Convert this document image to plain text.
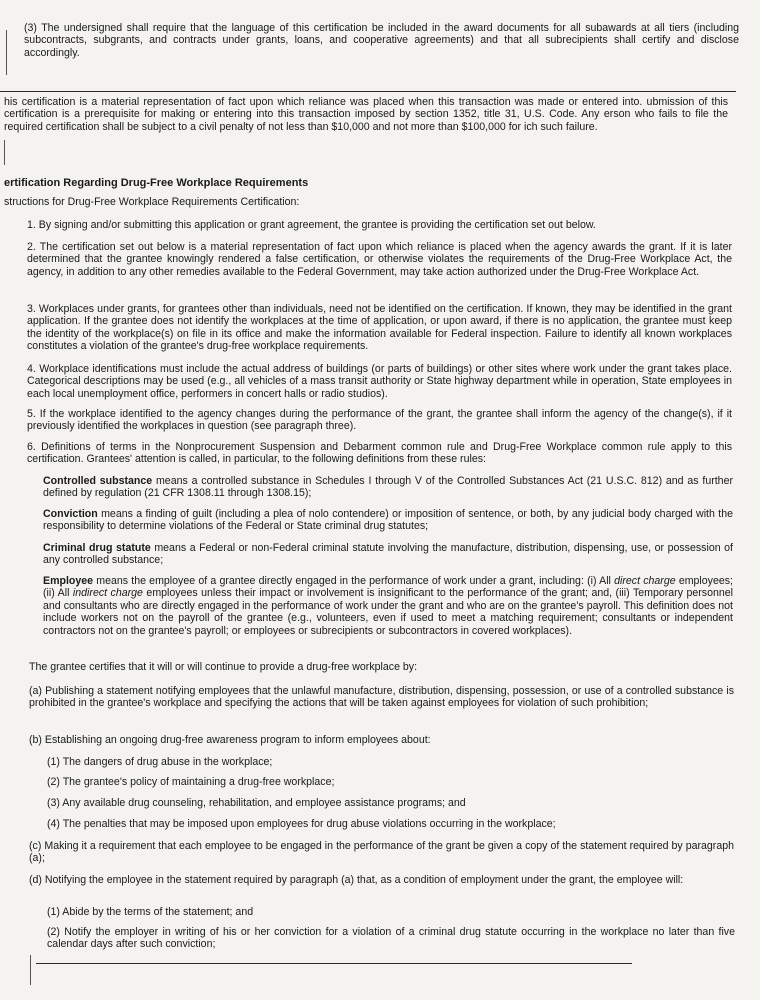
(3) The undersigned shall require that the language of this certification be included in the award documents for all subawards at all tiers (including subcontracts, subgrants, and contracts under grants, loans, and cooperative agreements) and that all subrecipients shall certify and disclose accordingly.

his certification is a material representation of fact upon which reliance was placed when this transaction was made or entered into. ubmission of this certification is a prerequisite for making or entering into this transaction imposed by section 1352, title 31, U.S. Code. Any erson who fails to file the required certification shall be subject to a civil penalty of not less than $10,000 and not more than $100,000 for ich such failure.

ertification Regarding Drug-Free Workplace Requirements
structions for Drug-Free Workplace Requirements Certification:

1. By signing and/or submitting this application or grant agreement, the grantee is providing the certification set out below.

2. The certification set out below is a material representation of fact upon which reliance is placed when the agency awards the grant. If it is later determined that the grantee knowingly rendered a false certification, or otherwise violates the requirements of the Drug-Free Workplace Act, the agency, in addition to any other remedies available to the Federal Government, may take action authorized under the Drug-Free Workplace Act.

3. Workplaces under grants, for grantees other than individuals, need not be identified on the certification. If known, they may be identified in the grant application. If the grantee does not identify the workplaces at the time of application, or upon award, if there is no application, the grantee must keep the identity of the workplace(s) on file in its office and make the information available for Federal inspection. Failure to identify all known workplaces constitutes a violation of the grantee's drug-free workplace requirements.

4. Workplace identifications must include the actual address of buildings (or parts of buildings) or other sites where work under the grant takes place. Categorical descriptions may be used (e.g., all vehicles of a mass transit authority or State highway department while in operation, State employees in each local unemployment office, performers in concert halls or radio studios).

5. If the workplace identified to the agency changes during the performance of the grant, the grantee shall inform the agency of the change(s), if it previously identified the workplaces in question (see paragraph three).

6. Definitions of terms in the Nonprocurement Suspension and Debarment common rule and Drug-Free Workplace common rule apply to this certification. Grantees' attention is called, in particular, to the following definitions from these rules:

Controlled substance means a controlled substance in Schedules I through V of the Controlled Substances Act (21 U.S.C. 812) and as further defined by regulation (21 CFR 1308.11 through 1308.15);

Conviction means a finding of guilt (including a plea of nolo contendere) or imposition of sentence, or both, by any judicial body charged with the responsibility to determine violations of the Federal or State criminal drug statutes;

Criminal drug statute means a Federal or non-Federal criminal statute involving the manufacture, distribution, dispensing, use, or possession of any controlled substance;

Employee means the employee of a grantee directly engaged in the performance of work under a grant, including: (i) All direct charge employees; (ii) All indirect charge employees unless their impact or involvement is insignificant to the performance of the grant; and, (iii) Temporary personnel and consultants who are directly engaged in the performance of work under the grant and who are on the grantee's payroll. This definition does not include workers not on the payroll of the grantee (e.g., volunteers, even if used to meet a matching requirement; consultants or independent contractors not on the grantee's payroll; or employees or subrecipients or subcontractors in covered workplaces).

The grantee certifies that it will or will continue to provide a drug-free workplace by:

(a) Publishing a statement notifying employees that the unlawful manufacture, distribution, dispensing, possession, or use of a controlled substance is prohibited in the grantee's workplace and specifying the actions that will be taken against employees for violation of such prohibition;

(b) Establishing an ongoing drug-free awareness program to inform employees about:

(1) The dangers of drug abuse in the workplace;

(2) The grantee's policy of maintaining a drug-free workplace;

(3) Any available drug counseling, rehabilitation, and employee assistance programs; and

(4) The penalties that may be imposed upon employees for drug abuse violations occurring in the workplace;

(c) Making it a requirement that each employee to be engaged in the performance of the grant be given a copy of the statement required by paragraph (a);

(d) Notifying the employee in the statement required by paragraph (a) that, as a condition of employment under the grant, the employee will:

(1) Abide by the terms of the statement; and

(2) Notify the employer in writing of his or her conviction for a violation of a criminal drug statute occurring in the workplace no later than five calendar days after such conviction;
